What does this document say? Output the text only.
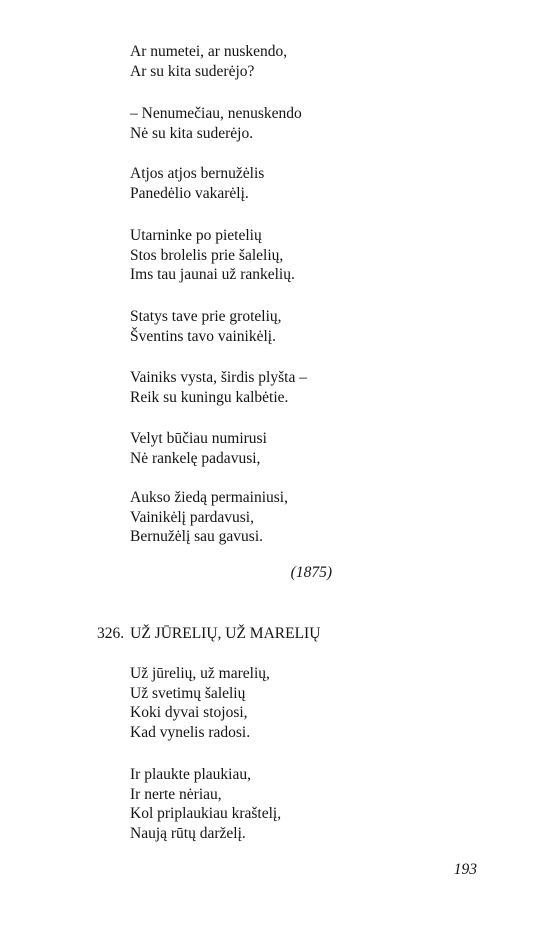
Ar numetei, ar nuskendo,
Ar su kita suderėjo?
– Nenumečiau, nenuskendo
Nė su kita suderėjo.
Atjos atjos bernužėlis
Panedėlio vakarėlį.
Utarninke po pietelių
Stos brolelis prie šalelių,
Ims tau jaunai už rankelių.
Statys tave prie grotelių,
Šventins tavo vainikėlį.
Vainiks vysta, širdis plyšta –
Reik su kuningu kalbėtie.
Velyt būčiau numirusi
Nė rankelę padavusi,
Aukso žiedą permainiusi,
Vainikėlį pardavusi,
Bernužėlį sau gavusi.
(1875)
326. UŽ JŪRELIŲ, UŽ MARELIŲ
Už jūrelių, už marelių,
Už svetimų šalelių
Koki dyvai stojosi,
Kad vynelis radosi.
Ir plaukte plaukiau,
Ir nerte nėriau,
Kol priplaukiau kraštelį,
Naują rūtų darželį.
193
